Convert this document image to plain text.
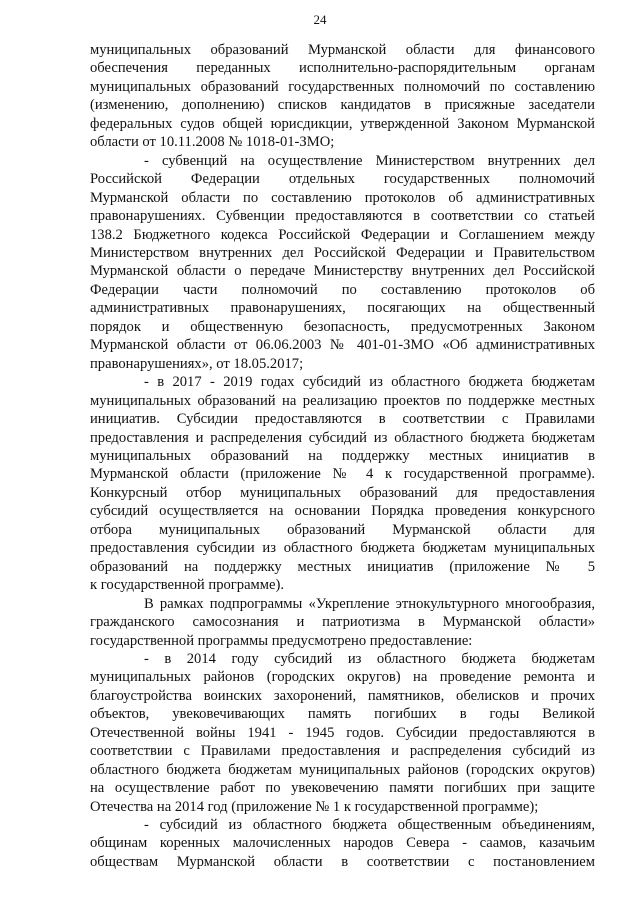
24
муниципальных образований Мурманской области для финансового
обеспечения переданных исполнительно-распорядительным органам
муниципальных образований государственных полномочий по составлению
(изменению, дополнению) списков кандидатов в присяжные заседатели
федеральных судов общей юрисдикции, утвержденной Законом Мурманской
области от 10.11.2008 № 1018-01-ЗМО;
- субвенций на осуществление Министерством внутренних дел
Российской Федерации отдельных государственных полномочий
Мурманской области по составлению протоколов об административных
правонарушениях. Субвенции предоставляются в соответствии со статьей
138.2 Бюджетного кодекса Российской Федерации и Соглашением между
Министерством внутренних дел Российской Федерации и Правительством
Мурманской области о передаче Министерству внутренних дел Российской
Федерации части полномочий по составлению протоколов об
административных правонарушениях, посягающих на общественный
порядок и общественную безопасность, предусмотренных Законом
Мурманской области от 06.06.2003 № 401-01-ЗМО «Об административных
правонарушениях», от 18.05.2017;
- в 2017 - 2019 годах субсидий из областного бюджета бюджетам
муниципальных образований на реализацию проектов по поддержке местных
инициатив. Субсидии предоставляются в соответствии с Правилами
предоставления и распределения субсидий из областного бюджета бюджетам
муниципальных образований на поддержку местных инициатив в
Мурманской области (приложение № 4 к государственной программе).
Конкурсный отбор муниципальных образований для предоставления
субсидий осуществляется на основании Порядка проведения конкурсного
отбора муниципальных образований Мурманской области для
предоставления субсидии из областного бюджета бюджетам муниципальных
образований на поддержку местных инициатив (приложение № 5
к государственной программе).
В рамках подпрограммы «Укрепление этнокультурного многообразия,
гражданского самосознания и патриотизма в Мурманской области»
государственной программы предусмотрено предоставление:
- в 2014 году субсидий из областного бюджета бюджетам
муниципальных районов (городских округов) на проведение ремонта и
благоустройства воинских захоронений, памятников, обелисков и прочих
объектов, увековечивающих память погибших в годы Великой
Отечественной войны 1941 - 1945 годов. Субсидии предоставляются в
соответствии с Правилами предоставления и распределения субсидий из
областного бюджета бюджетам муниципальных районов (городских округов)
на осуществление работ по увековечению памяти погибших при защите
Отечества на 2014 год (приложение № 1 к государственной программе);
- субсидий из областного бюджета общественным объединениям,
общинам коренных малочисленных народов Севера - саамов, казачьим
обществам Мурманской области в соответствии с постановлением
